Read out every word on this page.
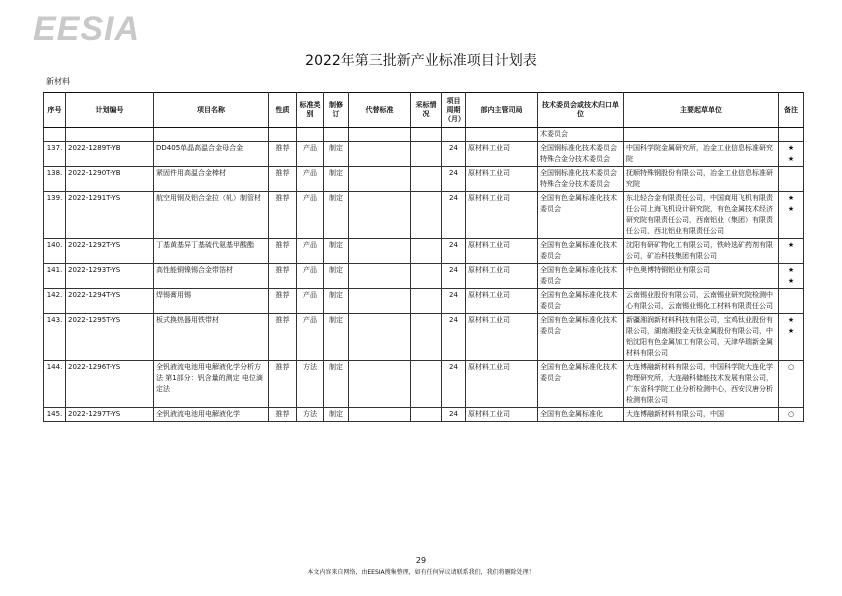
EESIA
2022年第三批新产业标准项目计划表
新材料
序号	计划编号	项目名称	性质	标准类别	制修订	代替标准	采标情况	项目周期（月）	部内主管司局	技术委员会或技术归口单位	主要起草单位	备注
										术委员会		
137.	2022-1289T-YB	DD405单晶高温合金母合金	推荐	产品	制定			24	原材料工业司	全国钢标准化技术委员会特殊合金分技术委员会	中国科学院金属研究所，冶金工业信息标准研究院	★
★
138.	2022-1290T-YB	紧固件用高温合金棒材	推荐	产品	制定			24	原材料工业司	全国钢标准化技术委员会特殊合金分技术委员会	抚顺特殊钢股份有限公司，冶金工业信息标准研究院	
139.	2022-1291T-YS	航空用钢及铝合金拉（轧）制管材	推荐	产品	制定			24	原材料工业司	全国有色金属标准化技术委员会	东北轻合金有限责任公司，中国商用飞机有限责任公司上海飞机设计研究院，有色金属技术经济研究院有限责任公司，西南铝业（集团）有限责任公司，西北铝业有限责任公司	★
★
140.	2022-1292T-YS	丁基黄基异丁基硫代氨基甲酸酯	推荐	产品	制定			24	原材料工业司	全国有色金属标准化技术委员会	沈阳有研矿物化工有限公司，铁岭选矿药剂有限公司，矿冶科技集团有限公司	★
141.	2022-1293T-YS	高性能铜镍锡合金带箔材	推荐	产品	制定			24	原材料工业司	全国有色金属标准化技术委员会	中色奥博特铜铝业有限公司	★
★
142.	2022-1294T-YS	焊锡膏用锡	推荐	产品	制定			24	原材料工业司	全国有色金属标准化技术委员会	云南锡业股份有限公司，云南锡业研究院检测中心有限公司，云南锡业锡化工材料有限责任公司	
143.	2022-1295T-YS	板式换热器用铁带材	推荐	产品	制定			24	原材料工业司	全国有色金属标准化技术委员会	新疆湘润新材料科技有限公司，宝鸡钛业股份有限公司，湖南湘投金天钛金属股份有限公司，中铝沈阳有色金属加工有限公司，天津华瑞新金属材料有限公司	★
★
144.	2022-1296T-YS	全钒液流电池用电解液化学分析方法 第1部分：钒含量的测定 电位滴定法	推荐	方法	制定			24	原材料工业司	全国有色金属标准化技术委员会	大连博融新材料有限公司，中国科学院大连化学物理研究所，大连融科储能技术发展有限公司，广东省科学院工业分析检测中心，西安汉唐分析检测有限公司	○
145.	2022-1297T-YS	全钒液流电池用电解液化学	推荐	方法	制定			24	原材料工业司	全国有色金属标准化	大连博融新材料有限公司，中国	○
29
本文内容来自网络，由EESIA搜集整理，如有任何异议请联系我们，我们将删除处理！
